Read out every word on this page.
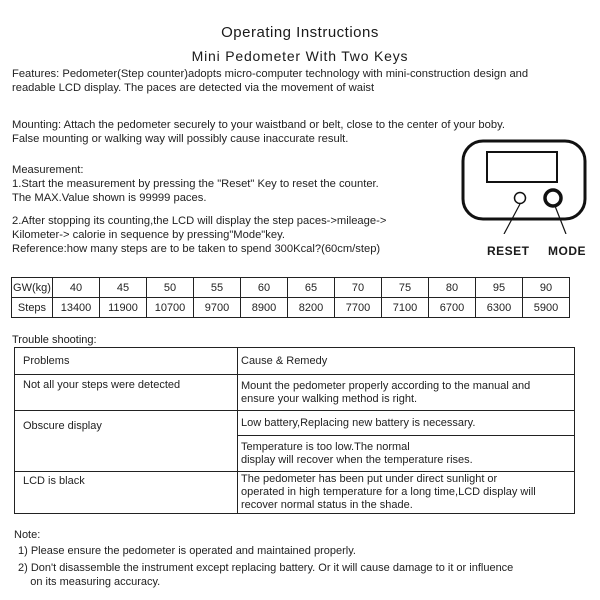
Operating Instructions
Mini Pedometer With Two Keys
Features: Pedometer(Step counter)adopts micro-computer technology with mini-construction design and
readable LCD display. The paces are detected via the movement of waist
Mounting: Attach the pedometer securely to your waistband or belt, close to the center of your boby.
False mounting or walking way will possibly cause inaccurate result.
Measurement:
1.Start the measurement by pressing the "Reset" Key to reset the counter.
The MAX.Value shown is 99999 paces.
2.After stopping its counting,the LCD will display the step paces->mileage->
Kilometer-> calorie in sequence by pressing"Mode"key.
Reference:how many steps are to be taken to spend 300Kcal?(60cm/step)	RESET MODE
GW(kg)	40	45	50	55	60	65	70	75	80	95	90
Steps	13400	11900	10700	9700	8900	8200	7700	7100	6700	6300	5900
Trouble shooting:
Problems	Cause & Remedy
Not all your steps were detected	Mount the pedometer properly according to the manual and
ensure your walking method is right.
Obscure display	Low battery,Replacing new battery is necessary.
Temperature is too low.The normal
display will recover when the temperature rises.
LCD is black	The pedometer has been put under direct sunlight or
operated in high temperature for a long time,LCD display will
recover normal status in the shade.
Note:
1) Please ensure the pedometer is operated and maintained properly.
2) Don't disassemble the instrument except replacing battery. Or it will cause damage to it or influence
on its measuring accuracy.
